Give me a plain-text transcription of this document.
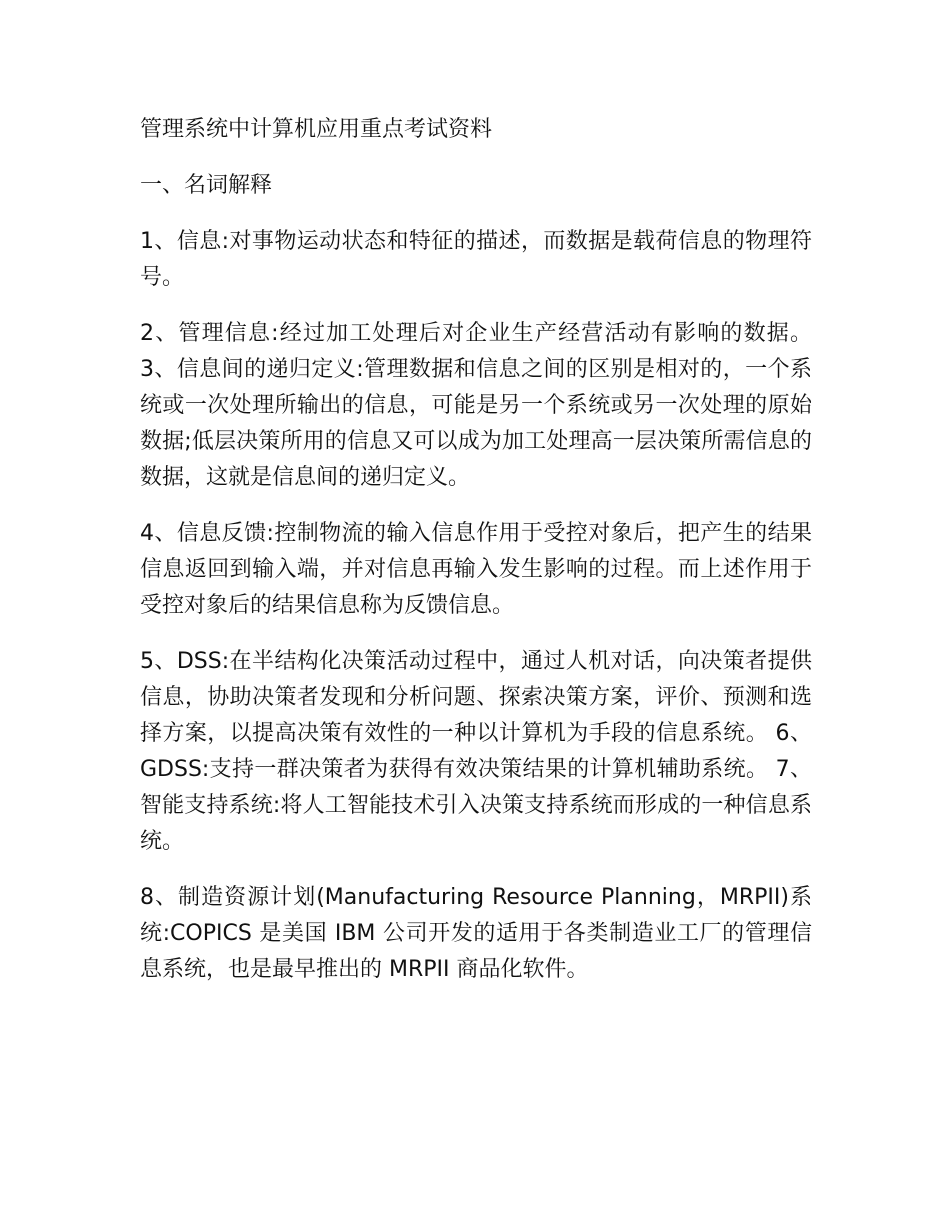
管理系统中计算机应用重点考试资料
一、名词解释

1、信息:对事物运动状态和特征的描述，而数据是载荷信息的物理符号。

2、管理信息:经过加工处理后对企业生产经营活动有影响的数据。 3、信息间的递归定义:管理数据和信息之间的区别是相对的，一个系统或一次处理所输出的信息，可能是另一个系统或另一次处理的原始数据;低层决策所用的信息又可以成为加工处理高一层决策所需信息的数据，这就是信息间的递归定义。

4、信息反馈:控制物流的输入信息作用于受控对象后，把产生的结果信息返回到输入端，并对信息再输入发生影响的过程。而上述作用于受控对象后的结果信息称为反馈信息。

5、DSS:在半结构化决策活动过程中，通过人机对话，向决策者提供信息，协助决策者发现和分析问题、探索决策方案，评价、预测和选择方案，以提高决策有效性的一种以计算机为手段的信息系统。 6、GDSS:支持一群决策者为获得有效决策结果的计算机辅助系统。 7、智能支持系统:将人工智能技术引入决策支持系统而形成的一种信息系统。

8、制造资源计划(Manufacturing Resource Planning，MRPII)系统:COPICS 是美国 IBM 公司开发的适用于各类制造业工厂的管理信息系统，也是最早推出的 MRPII 商品化软件。
